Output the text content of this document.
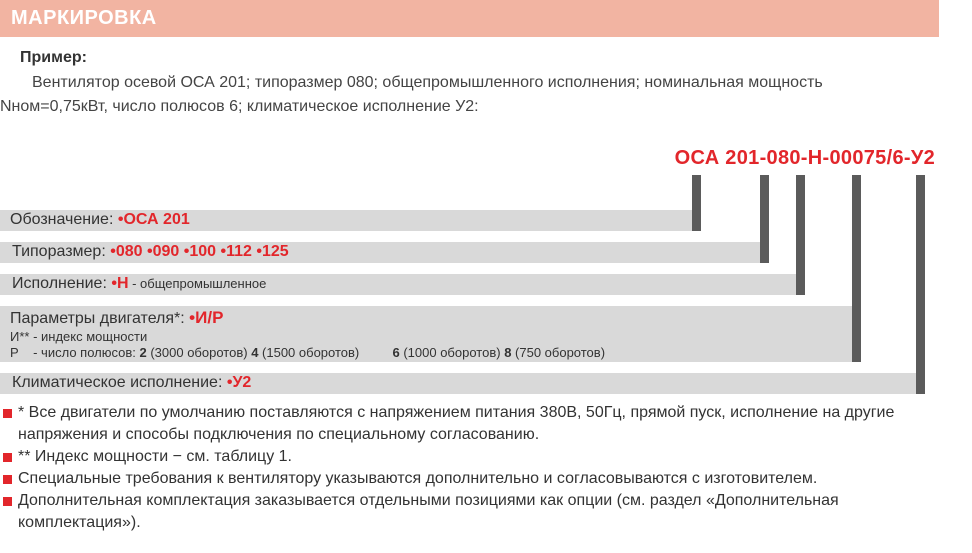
МАРКИРОВКА
Пример:
Вентилятор осевой ОСА 201; типоразмер 080; общепромышленного исполнения; номинальная мощность
Nном=0,75кВт, число полюсов 6; климатическое исполнение У2:
ОСА 201-080-Н-00075/6-У2
Обозначение: •ОСА 201
Типоразмер: •080 •090 •100 •112 •125
Исполнение: •Н - общепромышленное
Параметры двигателя*: •И/Р
И** - индекс мощности
Р    - число полюсов: 2 (3000 оборотов) 4 (1500 оборотов)	6 (1000 оборотов) 8 (750 оборотов)
Климатическое исполнение: •У2
* Все двигатели по умолчанию поставляются с напряжением питания 380В, 50Гц, прямой пуск, исполнение на другие напряжения и способы подключения по специальному согласованию.
** Индекс мощности − см. таблицу 1.
Специальные требования к вентилятору указываются дополнительно и согласовываются с изготовителем.
Дополнительная комплектация заказывается отдельными позициями как опции (см. раздел «Дополнительная комплектация»).
